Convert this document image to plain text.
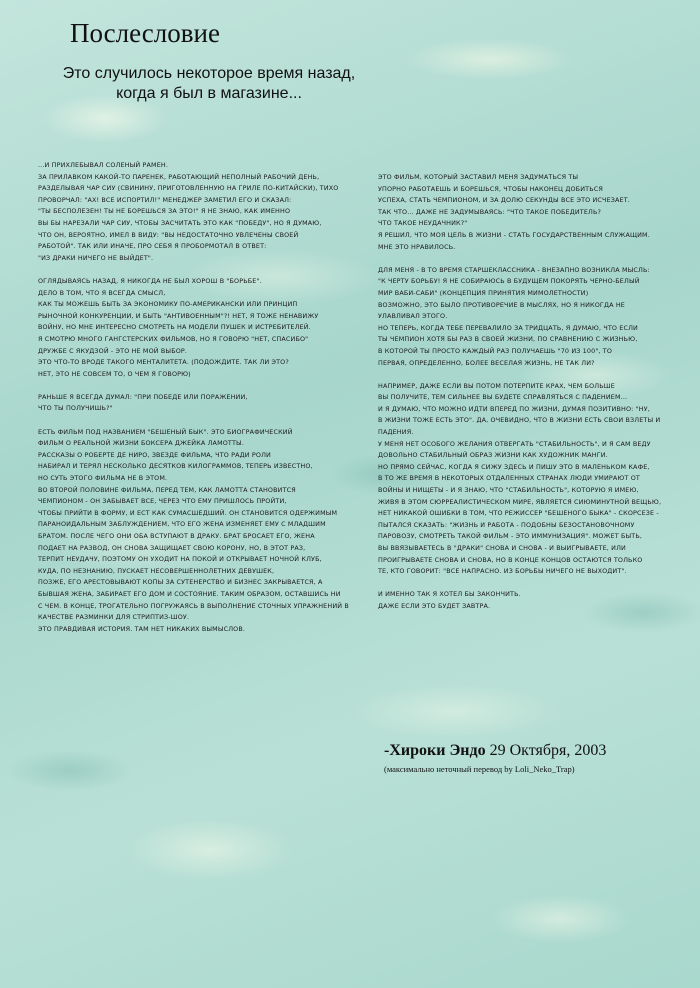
Послесловие
Это случилось некоторое время назад,
когда я был в магазине...
...И ПРИХЛЕБЫВАЛ СОЛЕНЫЙ РАМЕН.
ЗА ПРИЛАВКОМ КАКОЙ-ТО ПАРЕНЕК, РАБОТАЮЩИЙ НЕПОЛНЫЙ РАБОЧИЙ ДЕНЬ,
РАЗДЕЛЫВАЯ ЧАР СИУ (СВИНИНУ, ПРИГОТОВЛЕННУЮ НА ГРИЛЕ ПО-КИТАЙСКИ), ТИХО
ПРОВОРЧАЛ: "АХ! ВСЕ ИСПОРТИЛ!" МЕНЕДЖЕР ЗАМЕТИЛ ЕГО И СКАЗАЛ:
"ТЫ БЕСПОЛЕЗЕН! ТЫ НЕ БОРЕШЬСЯ ЗА ЭТО!" Я НЕ ЗНАЮ, КАК ИМЕННО
ВЫ БЫ НАРЕЗАЛИ ЧАР СИУ, ЧТОБЫ ЗАСЧИТАТЬ ЭТО КАК "ПОБЕДУ", НО Я ДУМАЮ,
ЧТО ОН, ВЕРОЯТНО, ИМЕЛ В ВИДУ: "ВЫ НЕДОСТАТОЧНО УВЛЕЧЕНЫ СВОЕЙ
РАБОТОЙ". ТАК ИЛИ ИНАЧЕ, ПРО СЕБЯ Я ПРОБОРМОТАЛ В ОТВЕТ:
"ИЗ ДРАКИ НИЧЕГО НЕ ВЫЙДЕТ".
ОГЛЯДЫВАЯСЬ НАЗАД, Я НИКОГДА НЕ БЫЛ ХОРОШ В "БОРЬБЕ".
ДЕЛО В ТОМ, ЧТО Я ВСЕГДА СМЫСЛ,
КАК ТЫ МОЖЕШЬ БЫТЬ ЗА ЭКОНОМИКУ ПО-АМЕРИКАНСКИ ИЛИ ПРИНЦИП
РЫНОЧНОЙ КОНКУРЕНЦИИ, И БЫТЬ "АНТИВОЕННЫМ"?! НЕТ, Я ТОЖЕ НЕНАВИЖУ
ВОЙНУ, НО МНЕ ИНТЕРЕСНО СМОТРЕТЬ НА МОДЕЛИ ПУШЕК И ИСТРЕБИТЕЛЕЙ.
Я СМОТРЮ МНОГО ГАНГСТЕРСКИХ ФИЛЬМОВ, НО Я ГОВОРЮ "НЕТ, СПАСИБО"
ДРУЖБЕ С ЯКУДЗОЙ - ЭТО НЕ МОЙ ВЫБОР.
ЭТО ЧТО-ТО ВРОДЕ ТАКОГО МЕНТАЛИТЕТА. (ПОДОЖДИТЕ. ТАК ЛИ ЭТО?
НЕТ, ЭТО НЕ СОВСЕМ ТО, О ЧЕМ Я ГОВОРЮ)
РАНЬШЕ Я ВСЕГДА ДУМАЛ: "ПРИ ПОБЕДЕ ИЛИ ПОРАЖЕНИИ,
ЧТО ТЫ ПОЛУЧИШЬ?"
ЕСТЬ ФИЛЬМ ПОД НАЗВАНИЕМ "БЕШЕНЫЙ БЫК". ЭТО БИОГРАФИЧЕСКИЙ
ФИЛЬМ О РЕАЛЬНОЙ ЖИЗНИ БОКСЕРА ДЖЕЙКА ЛАМОТТЫ.
РАССКАЗЫ О РОБЕРТЕ ДЕ НИРО, ЗВЕЗДЕ ФИЛЬМА, ЧТО РАДИ РОЛИ
НАБИРАЛ И ТЕРЯЛ НЕСКОЛЬКО ДЕСЯТКОВ КИЛОГРАММОВ, ТЕПЕРЬ ИЗВЕСТНО,
НО СУТЬ ЭТОГО ФИЛЬМА НЕ В ЭТОМ.
ВО ВТОРОЙ ПОЛОВИНЕ ФИЛЬМА, ПЕРЕД ТЕМ, КАК ЛАМОТТА СТАНОВИТСЯ
ЧЕМПИОНОМ - ОН ЗАБЫВАЕТ ВСЕ, ЧЕРЕЗ ЧТО ЕМУ ПРИШЛОСЬ ПРОЙТИ,
ЧТОБЫ ПРИЙТИ В ФОРМУ, И ЕСТ КАК СУМАСШЕДШИЙ. ОН СТАНОВИТСЯ ОДЕРЖИМЫМ
ПАРАНОИДАЛЬНЫМ ЗАБЛУЖДЕНИЕМ, ЧТО ЕГО ЖЕНА ИЗМЕНЯЕТ ЕМУ С МЛАДШИМ
БРАТОМ. ПОСЛЕ ЧЕГО ОНИ ОБА ВСТУПАЮТ В ДРАКУ. БРАТ БРОСАЕТ ЕГО, ЖЕНА
ПОДАЕТ НА РАЗВОД, ОН СНОВА ЗАЩИЩАЕТ СВОЮ КОРОНУ, НО, В ЭТОТ РАЗ,
ТЕРПИТ НЕУДАЧУ, ПОЭТОМУ ОН УХОДИТ НА ПОКОЙ И ОТКРЫВАЕТ НОЧНОЙ КЛУБ,
КУДА, ПО НЕЗНАНИЮ, ПУСКАЕТ НЕСОВЕРШЕННОЛЕТНИХ ДЕВУШЕК,
ПОЗЖЕ, ЕГО АРЕСТОВЫВАЮТ КОПЫ ЗА СУТЕНЕРСТВО И БИЗНЕС ЗАКРЫВАЕТСЯ, А
БЫВШАЯ ЖЕНА, ЗАБИРАЕТ ЕГО ДОМ И СОСТОЯНИЕ. ТАКИМ ОБРАЗОМ, ОСТАВШИСЬ НИ
С ЧЕМ. В КОНЦЕ, ТРОГАТЕЛЬНО ПОГРУЖАЯСЬ В ВЫПОЛНЕНИЕ СТОЧНЫХ УПРАЖНЕНИЙ В
КАЧЕСТВЕ РАЗМИНКИ ДЛЯ СТРИПТИЗ-ШОУ.
ЭТО ПРАВДИВАЯ ИСТОРИЯ. ТАМ НЕТ НИКАКИХ ВЫМЫСЛОВ.
ЭТО ФИЛЬМ, КОТОРЫЙ ЗАСТАВИЛ МЕНЯ ЗАДУМАТЬСЯ ТЫ
УПОРНО РАБОТАЕШЬ И БОРЕШЬСЯ, ЧТОБЫ НАКОНЕЦ ДОБИТЬСЯ
УСПЕХА, СТАТЬ ЧЕМПИОНОМ, И ЗА ДОЛЮ СЕКУНДЫ ВСЕ ЭТО ИСЧЕЗАЕТ.
ТАК ЧТО... ДАЖЕ НЕ ЗАДУМЫВАЯСЬ: "ЧТО ТАКОЕ ПОБЕДИТЕЛЬ?
ЧТО ТАКОЕ НЕУДАЧНИК?"
Я РЕШИЛ, ЧТО МОЯ ЦЕЛЬ В ЖИЗНИ - СТАТЬ ГОСУДАРСТВЕННЫМ СЛУЖАЩИМ.
МНЕ ЭТО НРАВИЛОСЬ.
ДЛЯ МЕНЯ - В ТО ВРЕМЯ СТАРШЕКЛАССНИКА - ВНЕЗАПНО ВОЗНИКЛА МЫСЛЬ:
"К ЧЕРТУ БОРЬБУ! Я НЕ СОБИРАЮСЬ В БУДУЩЕМ ПОКОРЯТЬ ЧЕРНО-БЕЛЫЙ
МИР ВАБИ-САБИ" (КОНЦЕПЦИЯ ПРИНЯТИЯ МИМОЛЕТНОСТИ)
ВОЗМОЖНО, ЭТО БЫЛО ПРОТИВОРЕЧИЕ В МЫСЛЯХ, НО Я НИКОГДА НЕ
УЛАВЛИВАЛ ЭТОГО.
НО ТЕПЕРЬ, КОГДА ТЕБЕ ПЕРЕВАЛИЛО ЗА ТРИДЦАТЬ, Я ДУМАЮ, ЧТО ЕСЛИ
ТЫ ЧЕМПИОН ХОТЯ БЫ РАЗ В СВОЕЙ ЖИЗНИ, ПО СРАВНЕНИЮ С ЖИЗНЬЮ,
В КОТОРОЙ ТЫ ПРОСТО КАЖДЫЙ РАЗ ПОЛУЧАЕШЬ "70 ИЗ 100", ТО
ПЕРВАЯ, ОПРЕДЕЛЕННО, БОЛЕЕ ВЕСЕЛАЯ ЖИЗНЬ, НЕ ТАК ЛИ?
НАПРИМЕР, ДАЖЕ ЕСЛИ ВЫ ПОТОМ ПОТЕРПИТЕ КРАХ, ЧЕМ БОЛЬШЕ
ВЫ ПОЛУЧИТЕ, ТЕМ СИЛЬНЕЕ ВЫ БУДЕТЕ СПРАВЛЯТЬСЯ С ПАДЕНИЕМ...
И Я ДУМАЮ, ЧТО МОЖНО ИДТИ ВПЕРЕД ПО ЖИЗНИ, ДУМАЯ ПОЗИТИВНО: "НУ,
В ЖИЗНИ ТОЖЕ ЕСТЬ ЭТО". ДА, ОЧЕВИДНО, ЧТО В ЖИЗНИ ЕСТЬ СВОИ ВЗЛЕТЫ И
ПАДЕНИЯ.
У МЕНЯ НЕТ ОСОБОГО ЖЕЛАНИЯ ОТВЕРГАТЬ "СТАБИЛЬНОСТЬ", И Я САМ ВЕДУ
ДОВОЛЬНО СТАБИЛЬНЫЙ ОБРАЗ ЖИЗНИ КАК ХУДОЖНИК МАНГИ.
НО ПРЯМО СЕЙЧАС, КОГДА Я СИЖУ ЗДЕСЬ И ПИШУ ЭТО В МАЛЕНЬКОМ КАФЕ,
В ТО ЖЕ ВРЕМЯ В НЕКОТОРЫХ ОТДАЛЕННЫХ СТРАНАХ ЛЮДИ УМИРАЮТ ОТ
ВОЙНЫ И НИЩЕТЫ - И Я ЗНАЮ, ЧТО "СТАБИЛЬНОСТЬ", КОТОРУЮ Я ИМЕЮ,
ЖИВЯ В ЭТОМ СЮРРЕАЛИСТИЧЕСКОМ МИРЕ, ЯВЛЯЕТСЯ СИЮМИНУТНОЙ ВЕЩЬЮ,
НЕТ НИКАКОЙ ОШИБКИ В ТОМ, ЧТО РЕЖИССЕР "БЕШЕНОГО БЫКА" - СКОРСЕЗЕ -
ПЫТАЛСЯ СКАЗАТЬ: "ЖИЗНЬ И РАБОТА - ПОДОБНЫ БЕЗОСТАНОВОЧНОМУ
ПАРОВОЗУ, СМОТРЕТЬ ТАКОЙ ФИЛЬМ - ЭТО ИММУНИЗАЦИЯ". МОЖЕТ БЫТЬ,
ВЫ ВВЯЗЫВАЕТЕСЬ В "ДРАКИ" СНОВА И СНОВА - И ВЫИГРЫВАЕТЕ, ИЛИ
ПРОИГРЫВАЕТЕ СНОВА И СНОВА, НО В КОНЦЕ КОНЦОВ ОСТАЮТСЯ ТОЛЬКО
ТЕ, КТО ГОВОРИТ: "ВСЕ НАПРАСНО. ИЗ БОРЬБЫ НИЧЕГО НЕ ВЫХОДИТ".
И ИМЕННО ТАК Я ХОТЕЛ БЫ ЗАКОНЧИТЬ.
ДАЖЕ ЕСЛИ ЭТО БУДЕТ ЗАВТРА.
-Хироки Эндо 29 Октября, 2003
(максимально неточный перевод by Loli_Neko_Trap)
